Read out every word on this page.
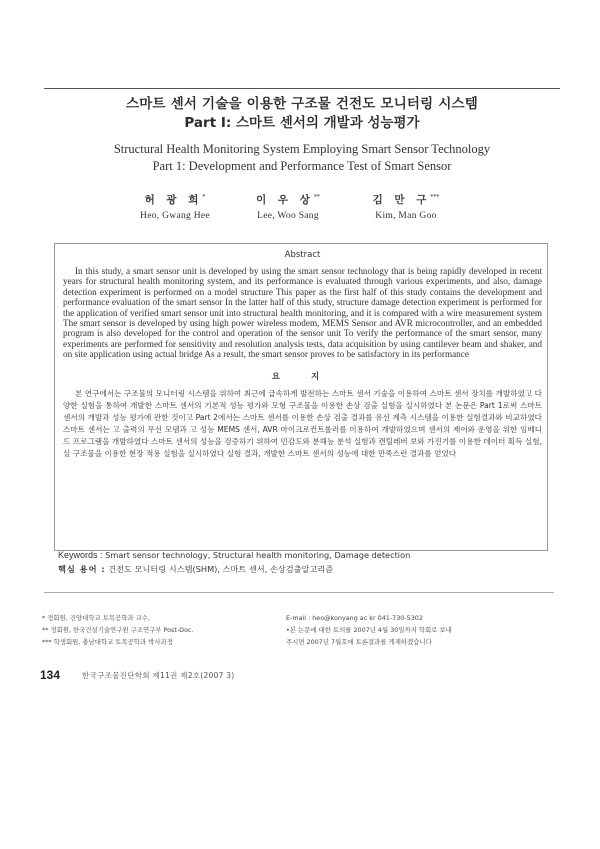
스마트 센서 기술을 이용한 구조물 건전도 모니터링 시스템
Part Ⅰ: 스마트 센서의 개발과 성능평가
Structural Health Monitoring System Employing Smart Sensor Technology
Part 1: Development and Performance Test of Smart Sensor
허 광 희*
Heo, Gwang Hee
이 우 상**
Lee, Woo Sang
김 만 구***
Kim, Man Goo
Abstract
In this study, a smart sensor unit is developed by using the smart sensor technology that is being rapidly developed in recent years for structural health monitoring system, and its performance is evaluated through various experiments, and also, damage detection experiment is performed on a model structure This paper as the first half of this study contains the development and performance evaluation of the smart sensor In the latter half of this study, structure damage detection experiment is performed for the application of verified smart sensor unit into structural health monitoring, and it is compared with a wire measurement system The smart sensor is developed by using high power wireless modem, MEMS Sensor and AVR microcontroller, and an embedded program is also developed for the control and operation of the sensor unit To verify the performance of the smart sensor, many experiments are performed for sensitivity and resolution analysis tests, data acquisition by using cantilever beam and shaker, and on site application using actual bridge As a result, the smart sensor proves to be satisfactory in its performance
요 지
본 연구에서는 구조물의 모니터링 시스템을 위하여 최근에 급속하게 발전하는 스마트 센서 기술을 이용하여 스마트 센서 장치를 개발하였고 다양한 실험을 통하여 개발한 스마트 센서의 기본적 성능 평가와 모형 구조물을 이용한 손상 검출 실험을 실시하였다 본 논문은 Part 1로써 스마트 센서의 개발과 성능 평가에 관한 것이고 Part 2에서는 스마트 센서를 이용한 손상 검출 결과를 유선 계측 시스템을 이용한 실험결과와 비교하였다 스마트 센서는 고 출력의 무선 모뎀과 고 성능 MEMS 센서, AVR 마이크로컨트롤러를 이용하여 개발하였으며 센서의 제어와 운영을 위한 임베디드 프로그램을 개발하였다 스마트 센서의 성능을 검증하기 위하여 민감도와 분해능 분석 실험과 캔틸레버 보와 가진기를 이용한 데이터 획득 실험, 실 구조물을 이용한 현장 적용 실험을 실시하였다 실험 결과, 개발한 스마트 센서의 성능에 대한 만족스런 결과를 얻었다
Keywords : Smart sensor technology, Structural health monitoring, Damage detection
핵심 용어 : 건전도 모니터링 시스템(SHM), 스마트 센서, 손상검출알고리즘
* 정회원, 건양대학교 토목공학과 교수,
** 정회원, 한국건설기술연구원 구조연구부 Post-Doc.
*** 학생회원, 충남대학교 토목공학과 박사과정
E-mail : heo@konyang ac kr 041-730-5302
•본 논문에 대한 토의를 2007년 4월 30일까지 학회로 보내
주시면 2007년 7월호에 토론결과를 게재하겠습니다
134	한국구조물진단학회 제11권 제2호(2007 3)
